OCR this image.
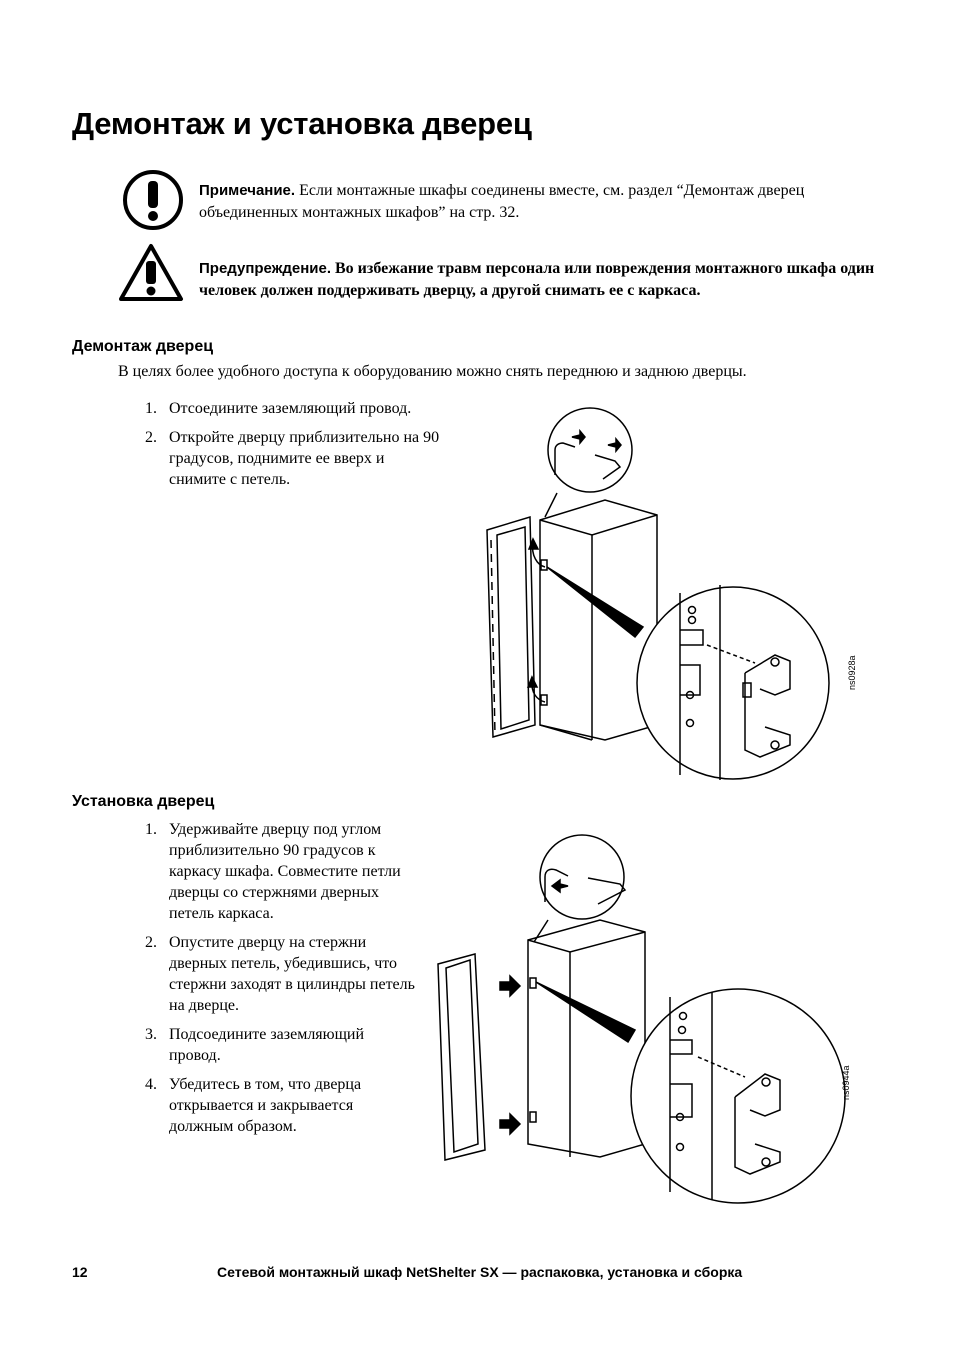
Демонтаж и установка дверец
Примечание. Если монтажные шкафы соединены вместе, см. раздел “Демонтаж дверец объединенных монтажных шкафов” на стр. 32.
Предупреждение. Во избежание травм персонала или повреждения монтажного шкафа один человек должен поддерживать дверцу, а другой снимать ее с каркаса.
Демонтаж дверец
В целях более удобного доступа к оборудованию можно снять переднюю и заднюю дверцы.
1. Отсоедините заземляющий провод.
2. Откройте дверцу приблизительно на 90 градусов, поднимите ее вверх и снимите с петель.
ns0928a
Установка дверец
1. Удерживайте дверцу под углом приблизительно 90 градусов к каркасу шкафа. Совместите петли дверцы со стержнями дверных петель каркаса.
2. Опустите дверцу на стержни дверных петель, убедившись, что стержни заходят в цилиндры петель на дверце.
3. Подсоедините заземляющий провод.
4. Убедитесь в том, что дверца открывается и закрывается должным образом.
ns0944a
12	Сетевой монтажный шкаф NetShelter SX — распаковка, установка и сборка
